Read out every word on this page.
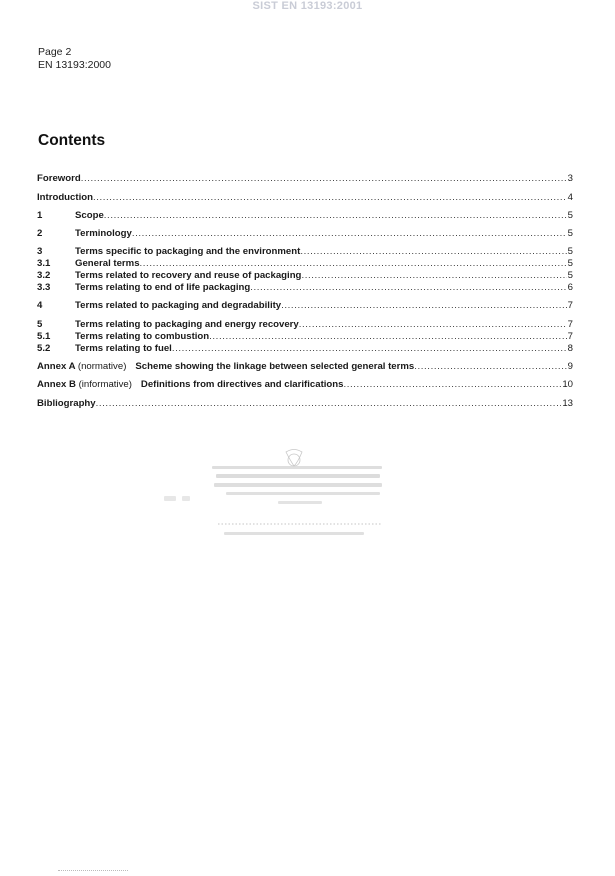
SIST EN 13193:2001
Page 2
EN 13193:2000
Contents
Foreword .....	3
Introduction .....	4
1	Scope .....	5
2	Terminology .....	5
3	Terms specific to packaging and the environment .....	5
3.1	General terms .....	5
3.2	Terms related to recovery and reuse of packaging .....	5
3.3	Terms relating to end of life packaging .....	6
4	Terms related to packaging and degradability .....	7
5	Terms relating to packaging and energy recovery .....	7
5.1	Terms relating to combustion .....	7
5.2	Terms relating to fuel .....	8
Annex A (normative) Scheme showing the linkage between selected general terms .....	9
Annex B (informative) Definitions from directives and clarifications .....	10
Bibliography .....	13
